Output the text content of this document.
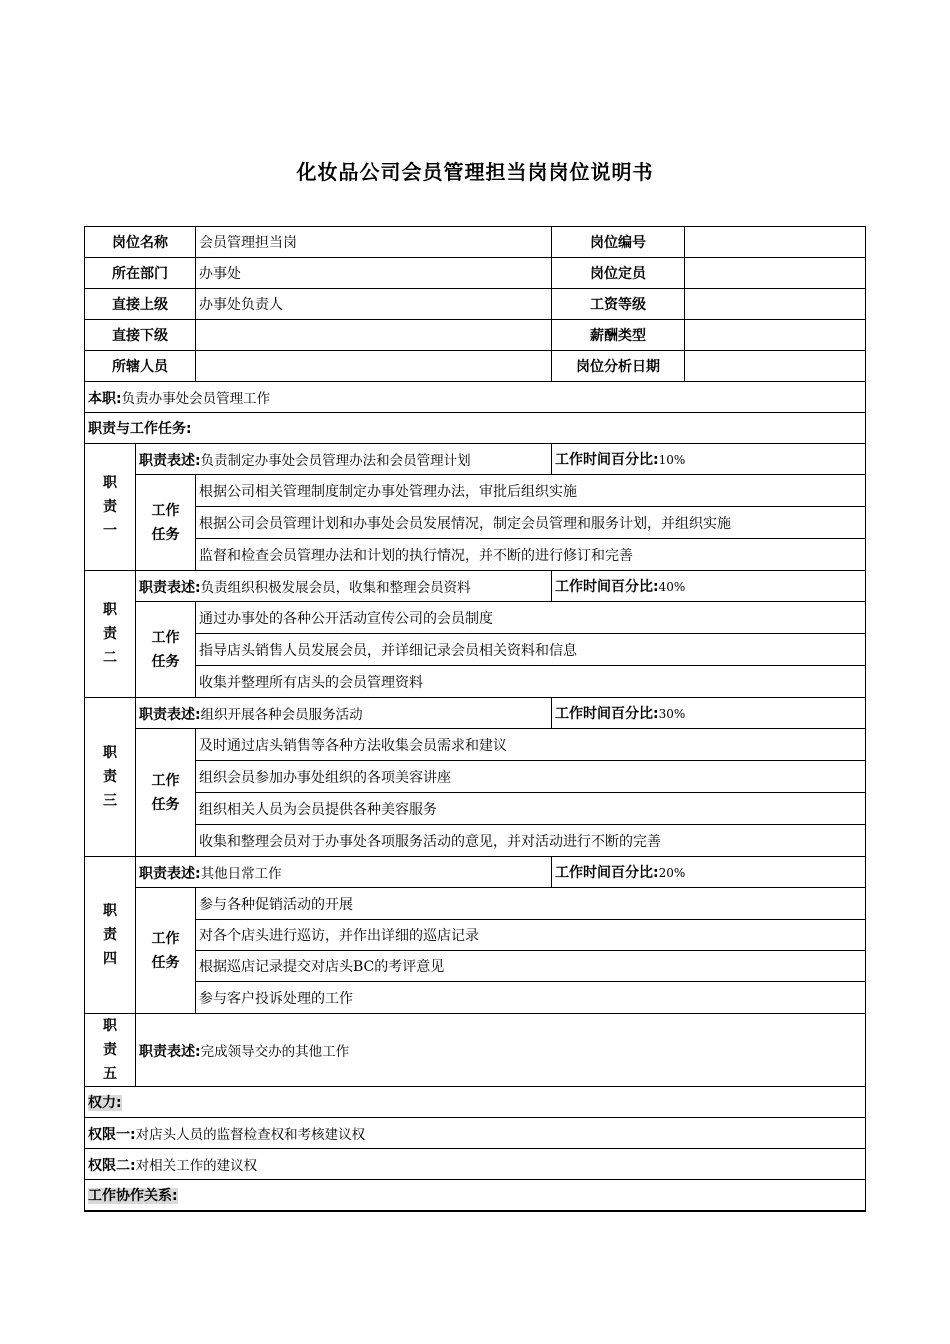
化妆品公司会员管理担当岗岗位说明书
岗位名称		会员管理担当岗	岗位编号	
所在部门		办事处	岗位定员	
直接上级		办事处负责人	工资等级	
直接下级			薪酬类型	
所辖人员			岗位分析日期	
本职:负责办事处会员管理工作				
职责与工作任务:				

职
责
一	职责表述:负责制定办事处会员管理办法和会员管理计划		工作时间百分比:10%	

	工作
任务	根据公司相关管理制度制定办事处管理办法，审批后组织实施		
		根据公司会员管理计划和办事处会员发展情况，制定会员管理和服务计划，并组织实施		
		监督和检查会员管理办法和计划的执行情况，并不断的进行修订和完善		

职
责
二	职责表述:负责组织积极发展会员，收集和整理会员资料		工作时间百分比:40%	

	工作
任务	通过办事处的各种公开活动宣传公司的会员制度		
		指导店头销售人员发展会员，并详细记录会员相关资料和信息		
		收集并整理所有店头的会员管理资料		

职
责
三	职责表述:组织开展各种会员服务活动		工作时间百分比:30%	

	工作
任务	及时通过店头销售等各种方法收集会员需求和建议		
		组织会员参加办事处组织的各项美容讲座		
		组织相关人员为会员提供各种美容服务		
		收集和整理会员对于办事处各项服务活动的意见，并对活动进行不断的完善		

职
责
四	职责表述:其他日常工作		工作时间百分比:20%	

	工作
任务	参与各种促销活动的开展		
		对各个店头进行巡访，并作出详细的巡店记录		
		根据巡店记录提交对店头BC的考评意见		
		参与客户投诉处理的工作		

职
责
五	职责表述:完成领导交办的其他工作			
权力:				
权限一:对店头人员的监督检查权和考核建议权				
权限二:对相关工作的建议权				
工作协作关系:				
